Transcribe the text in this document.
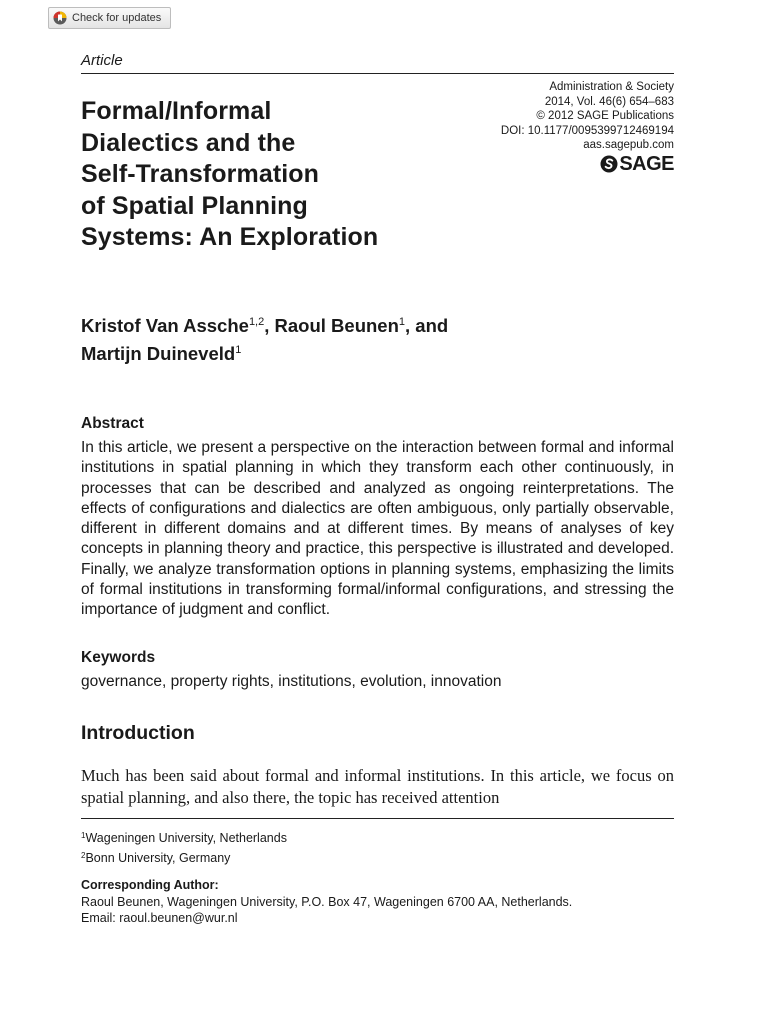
Check for updates
Article
Administration & Society
2014, Vol. 46(6) 654–683
© 2012 SAGE Publications
DOI: 10.1177/0095399712469194
aas.sagepub.com
SAGE
Formal/Informal
Dialectics and the
Self-Transformation
of Spatial Planning
Systems: An Exploration
Kristof Van Assche$^{1,2}$, Raoul Beunen$^1$, and
Martijn Duineveld$^1$
Abstract

In this article, we present a perspective on the interaction between formal and informal institutions in spatial planning in which they transform each other continuously, in processes that can be described and analyzed as ongoing reinterpretations. The effects of configurations and dialectics are often ambiguous, only partially observable, different in different domains and at different times. By means of analyses of key concepts in planning theory and practice, this perspective is illustrated and developed. Finally, we analyze transformation options in planning systems, emphasizing the limits of formal institutions in transforming formal/informal configurations, and stressing the importance of judgment and conflict.

Keywords
governance, property rights, institutions, evolution, innovation
Introduction

Much has been said about formal and informal institutions. In this article, we focus on spatial planning, and also there, the topic has received attention

$^1$Wageningen University, Netherlands
$^2$Bonn University, Germany
Corresponding Author:
Raoul Beunen, Wageningen University, P.O. Box 47, Wageningen 6700 AA, Netherlands.
Email: raoul.beunen@wur.nl
